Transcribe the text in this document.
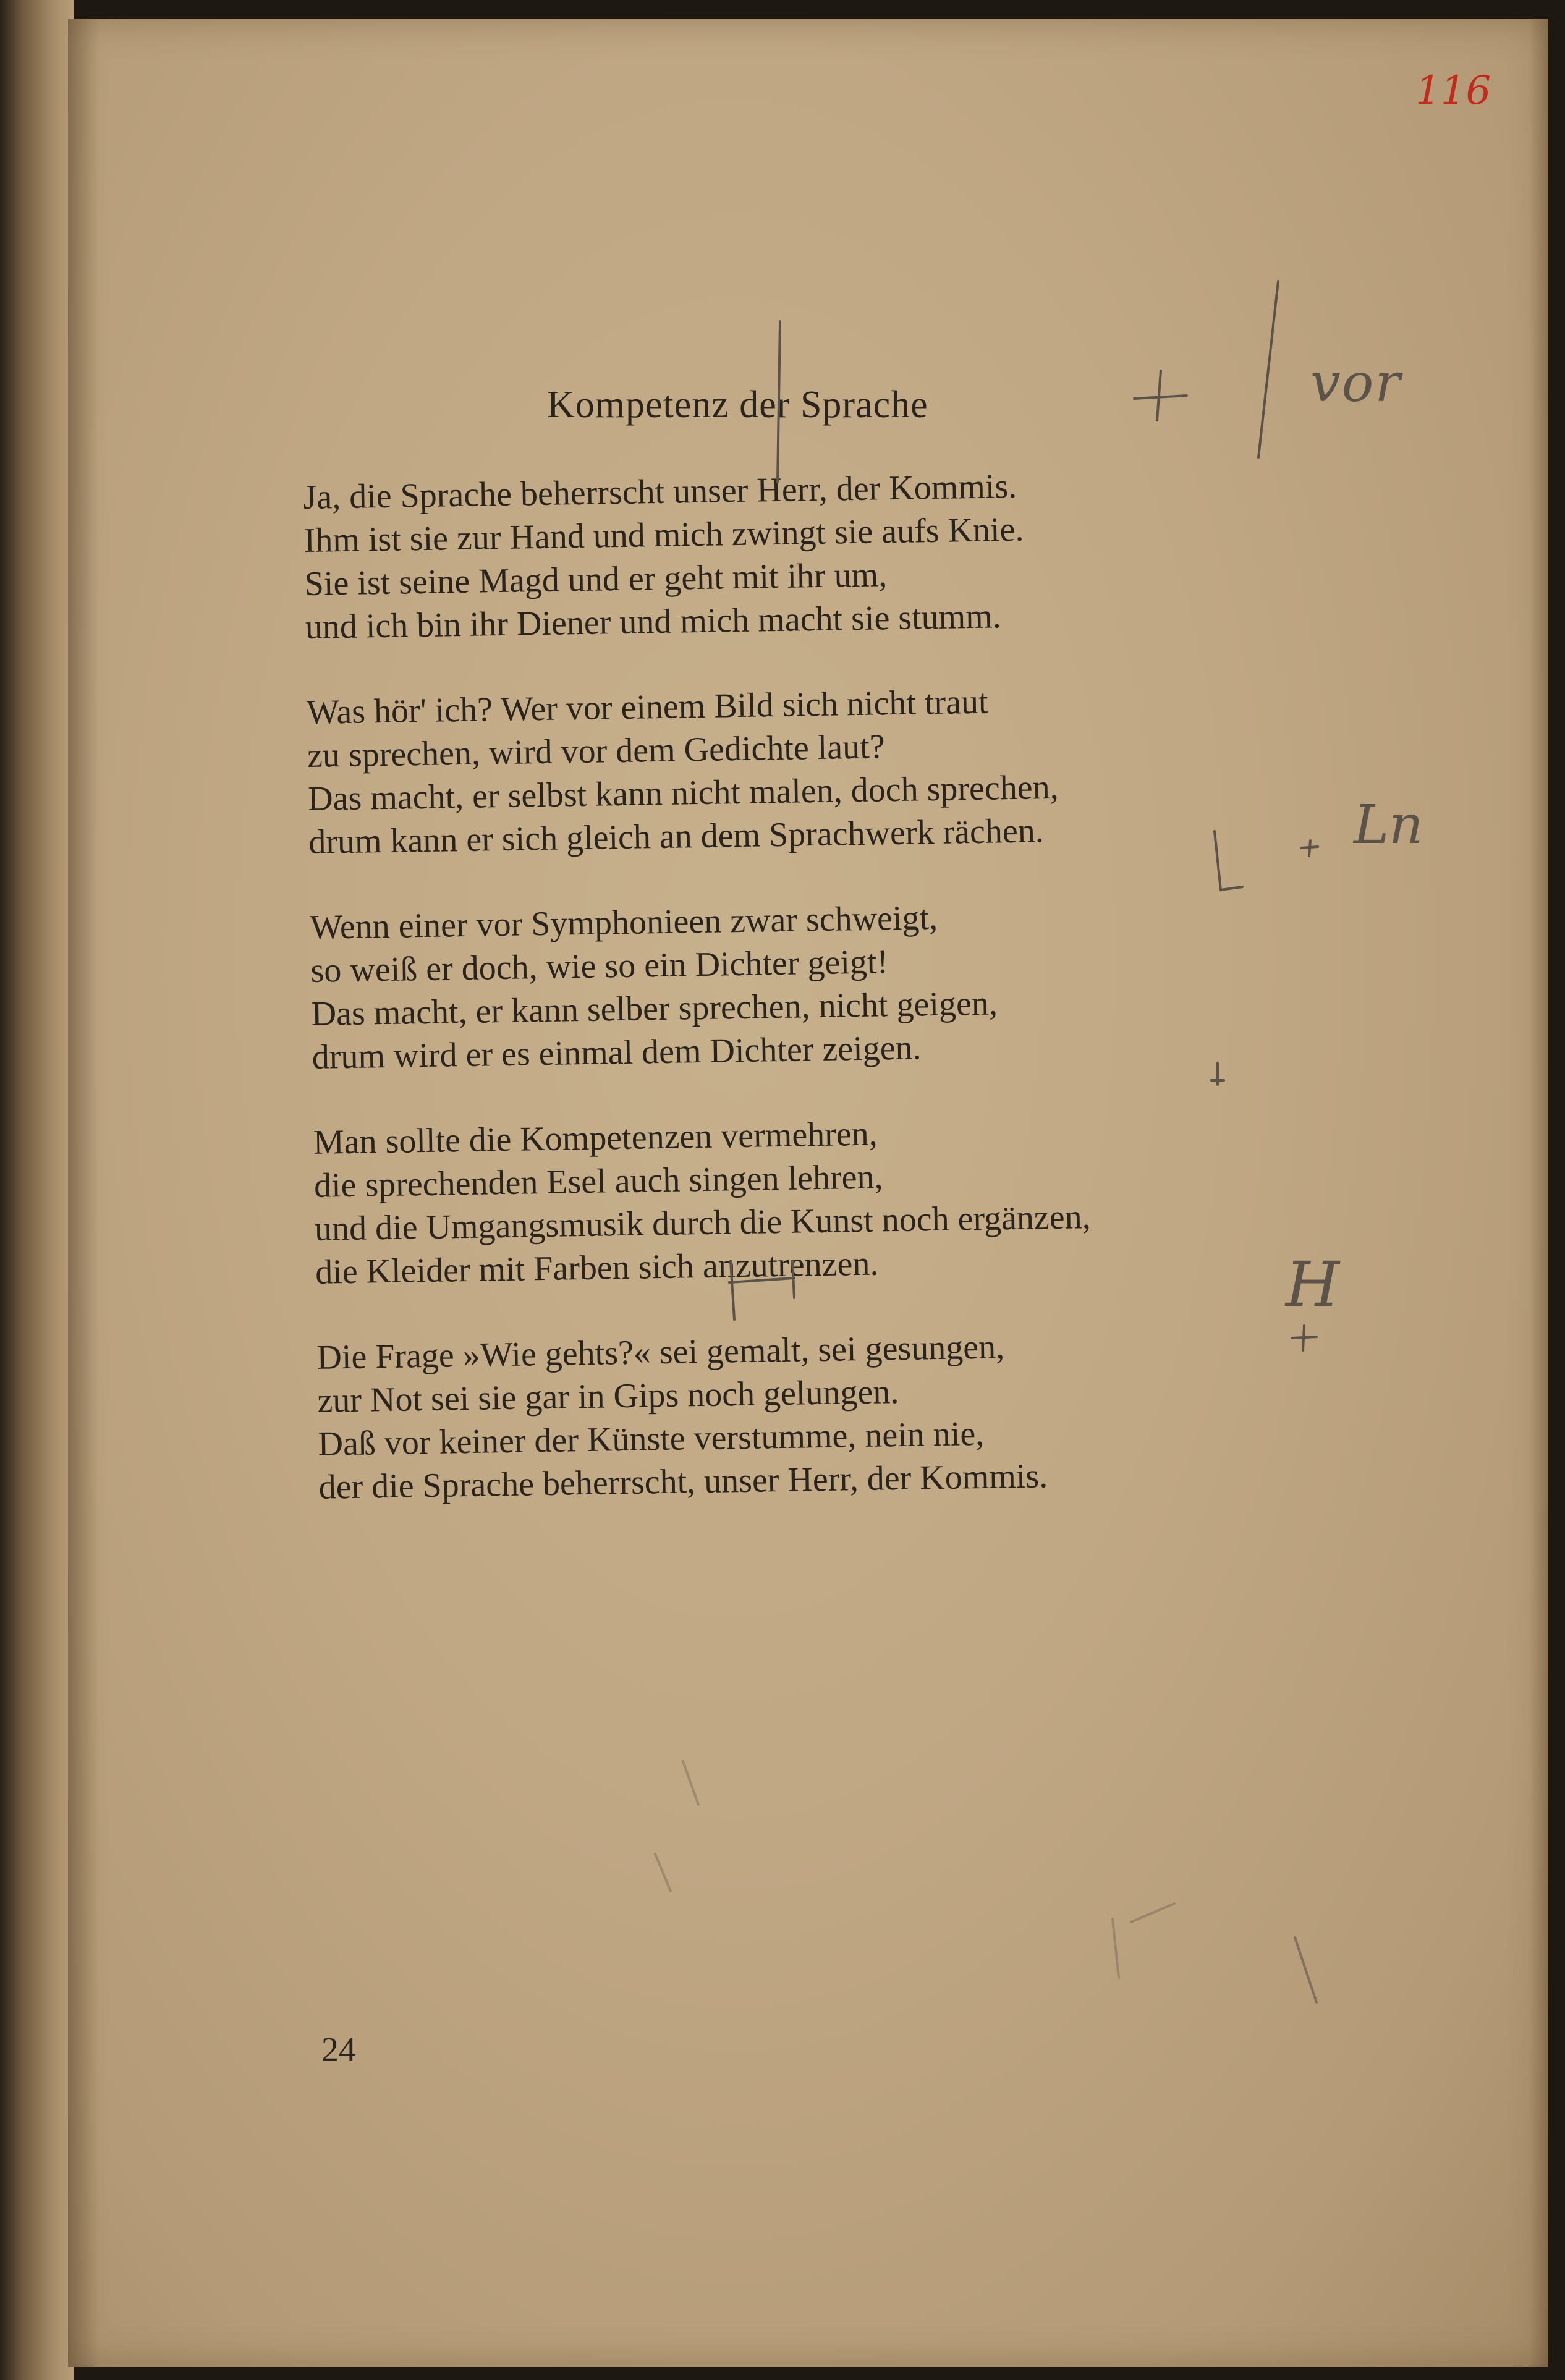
116
Kompetenz der Sprache
Ja, die Sprache beherrscht unser Herr, der Kommis.
Ihm ist sie zur Hand und mich zwingt sie aufs Knie.
Sie ist seine Magd und er geht mit ihr um,
und ich bin ihr Diener und mich macht sie stumm.
Was hör' ich? Wer vor einem Bild sich nicht traut
zu sprechen, wird vor dem Gedichte laut?
Das macht, er selbst kann nicht malen, doch sprechen,
drum kann er sich gleich an dem Sprachwerk rächen.
Wenn einer vor Symphonieen zwar schweigt,
so weiß er doch, wie so ein Dichter geigt!
Das macht, er kann selber sprechen, nicht geigen,
drum wird er es einmal dem Dichter zeigen.
Man sollte die Kompetenzen vermehren,
die sprechenden Esel auch singen lehren,
und die Umgangsmusik durch die Kunst noch ergänzen,
die Kleider mit Farben sich anzutrenzen.
Die Frage »Wie gehts?« sei gemalt, sei gesungen,
zur Not sei sie gar in Gips noch gelungen.
Daß vor keiner der Künste verstumme, nein nie,
der die Sprache beherrscht, unser Herr, der Kommis.
24
vor
Ln
H
